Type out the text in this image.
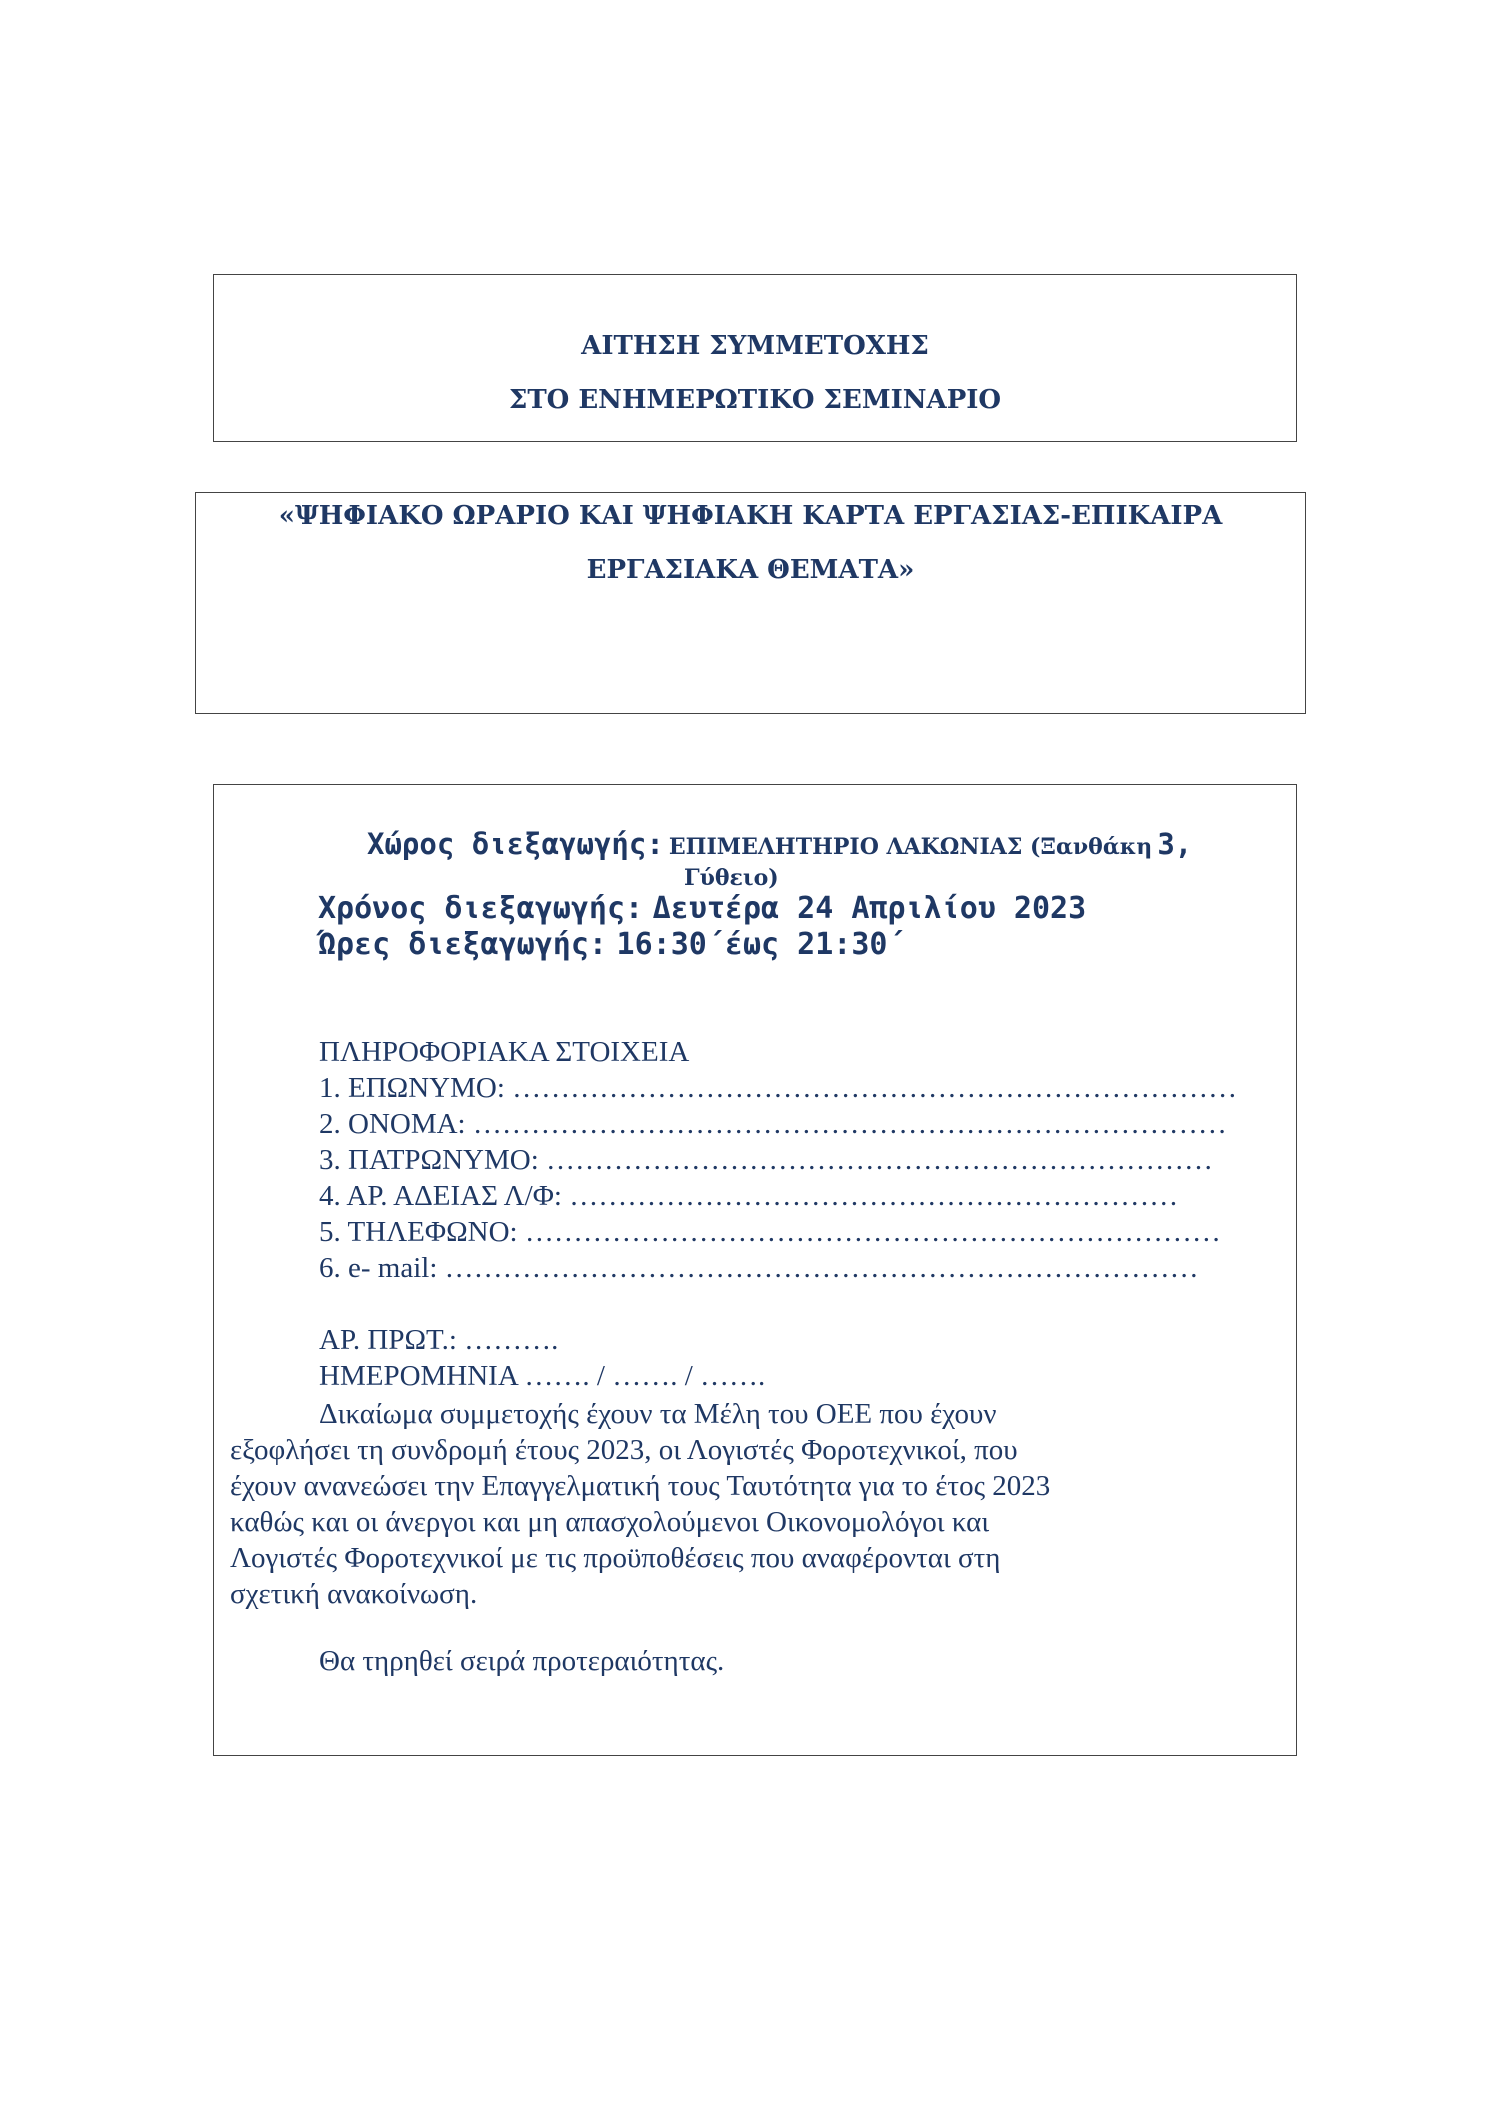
ΑΙΤΗΣΗ ΣΥΜΜΕΤΟΧΗΣ
ΣΤΟ ΕΝΗΜΕΡΩΤΙΚΟ ΣΕΜΙΝΑΡΙΟ
«ΨΗΦΙΑΚΟ ΩΡΑΡΙΟ ΚΑΙ ΨΗΦΙΑΚΗ ΚΑΡΤΑ ΕΡΓΑΣΙΑΣ-ΕΠΙΚΑΙΡΑ
ΕΡΓΑΣΙΑΚΑ ΘΕΜΑΤΑ»
Χώρος διεξαγωγής: ΕΠΙΜΕΛΗΤΗΡΙΟ ΛΑΚΩΝΙΑΣ (Ξανθάκη 3,
Γύθειο)
Χρόνος διεξαγωγής: Δευτέρα 24 Απριλίου 2023
Ώρες διεξαγωγής: 16:30΄έως 21:30΄
ΠΛΗΡΟΦΟΡΙΑΚΑ ΣΤΟΙΧΕΙΑ
1. ΕΠΩΝΥΜΟ: …………………………………………………………………
2. ΟΝΟΜΑ: ……………………………………………………………………
3. ΠΑΤΡΩΝΥΜΟ: ……………………………………………………………
4. ΑΡ. ΑΔΕΙΑΣ Λ/Φ: ………………………………………………………
5. ΤΗΛΕΦΩΝΟ: ………………………………………………………………
6. e- mail: ……………………………………………………………………
ΑΡ. ΠΡΩΤ.: ……….
ΗΜΕΡΟΜΗΝΙΑ ……. / ……. / …….
Δικαίωμα συμμετοχής έχουν τα Μέλη του ΟΕΕ που έχουν
εξοφλήσει τη συνδρομή έτους 2023, οι Λογιστές Φοροτεχνικοί, που
έχουν ανανεώσει την Επαγγελματική τους Ταυτότητα για το έτος 2023
καθώς και οι άνεργοι και μη απασχολούμενοι Οικονομολόγοι και
Λογιστές Φοροτεχνικοί με τις προϋποθέσεις που αναφέρονται στη
σχετική ανακοίνωση.
Θα τηρηθεί σειρά προτεραιότητας.
